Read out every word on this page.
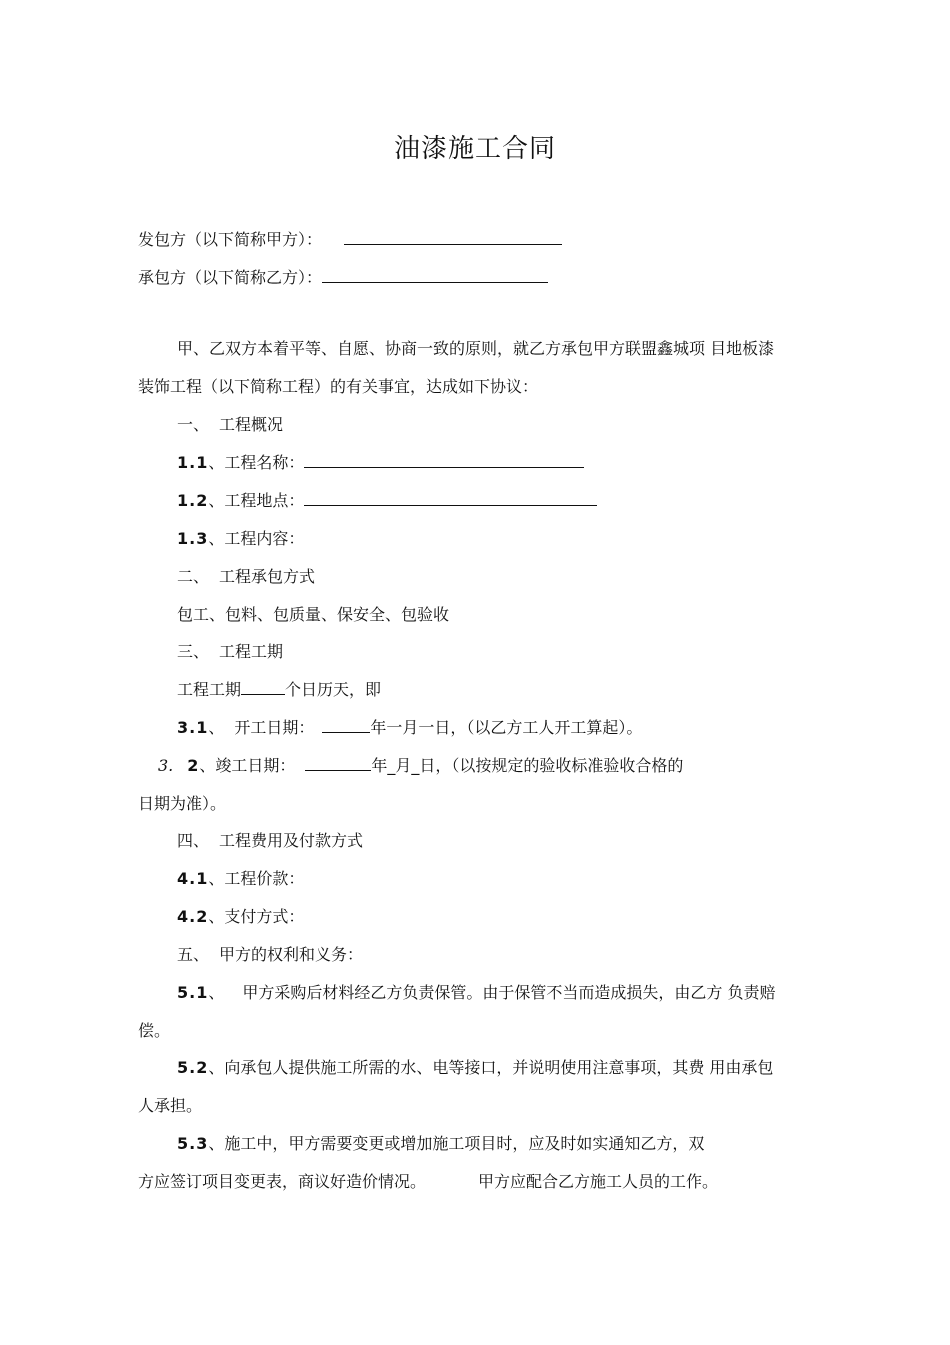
油漆施工合同
发包方（以下简称甲方）：
承包方（以下简称乙方）：
甲、乙双方本着平等、自愿、协商一致的原则，就乙方承包甲方联盟鑫城项 目地板漆
装饰工程（以下简称工程）的有关事宜，达成如下协议：
一、 工程概况
1.1、工程名称：
1.2、工程地点：
1.3、工程内容：
二、 工程承包方式
包工、包料、包质量、保安全、包验收
三、 工程工期
工程工期	个日历天，即
3.1、 开工日期：	年一月一日，（以乙方工人开工算起）。
3. 2、竣工日期：	年_月_日，（以按规定的验收标准验收合格的
日期为准）。
四、 工程费用及付款方式
4.1、工程价款：
4.2、支付方式：
五、 甲方的权利和义务：
5.1、 甲方采购后材料经乙方负责保管。由于保管不当而造成损失，由乙方 负责赔
偿。
5.2、向承包人提供施工所需的水、电等接口，并说明使用注意事项，其费 用由承包
人承担。
5.3、施工中，甲方需要变更或增加施工项目时，应及时如实通知乙方，双
方应签订项目变更表，商议好造价情况。	甲方应配合乙方施工人员的工作。
